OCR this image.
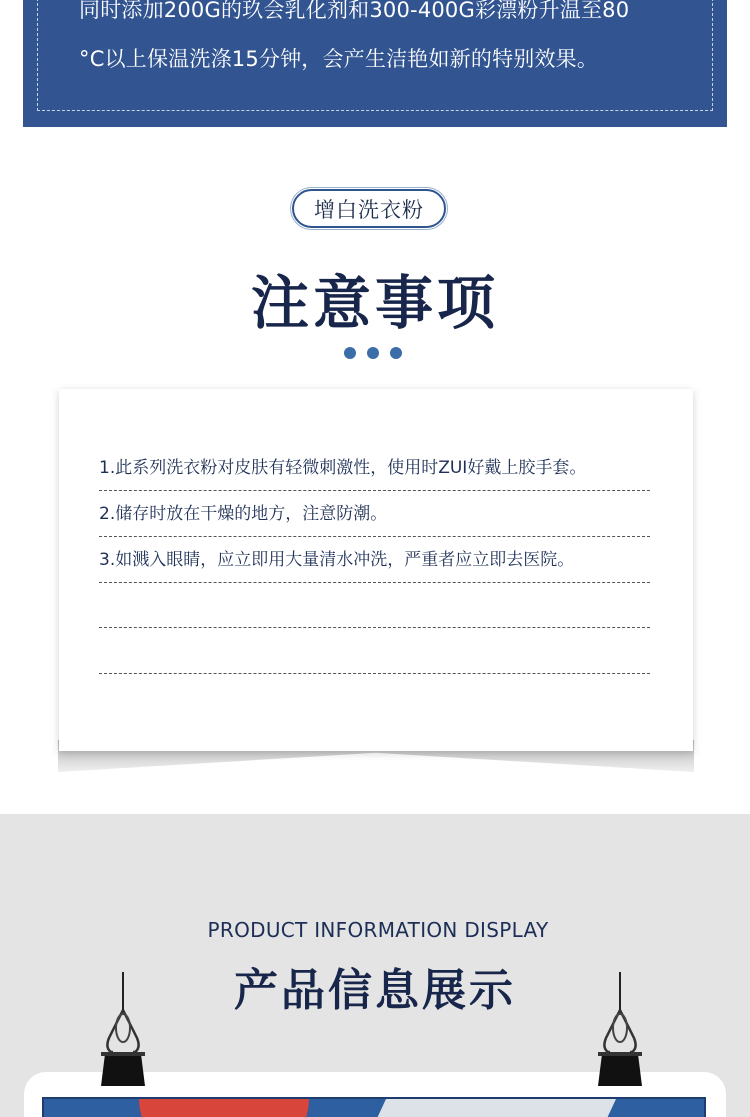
同时添加200G的玖会乳化剂和300-400G彩漂粉升温至80
°C以上保温洗涤15分钟，会产生洁艳如新的特别效果。
增白洗衣粉
注意事项
1.此系列洗衣粉对皮肤有轻微刺激性，使用时ZUI好戴上胶手套。
2.储存时放在干燥的地方，注意防潮。
3.如溅入眼睛，应立即用大量清水冲洗，严重者应立即去医院。
PRODUCT INFORMATION DISPLAY
产品信息展示
